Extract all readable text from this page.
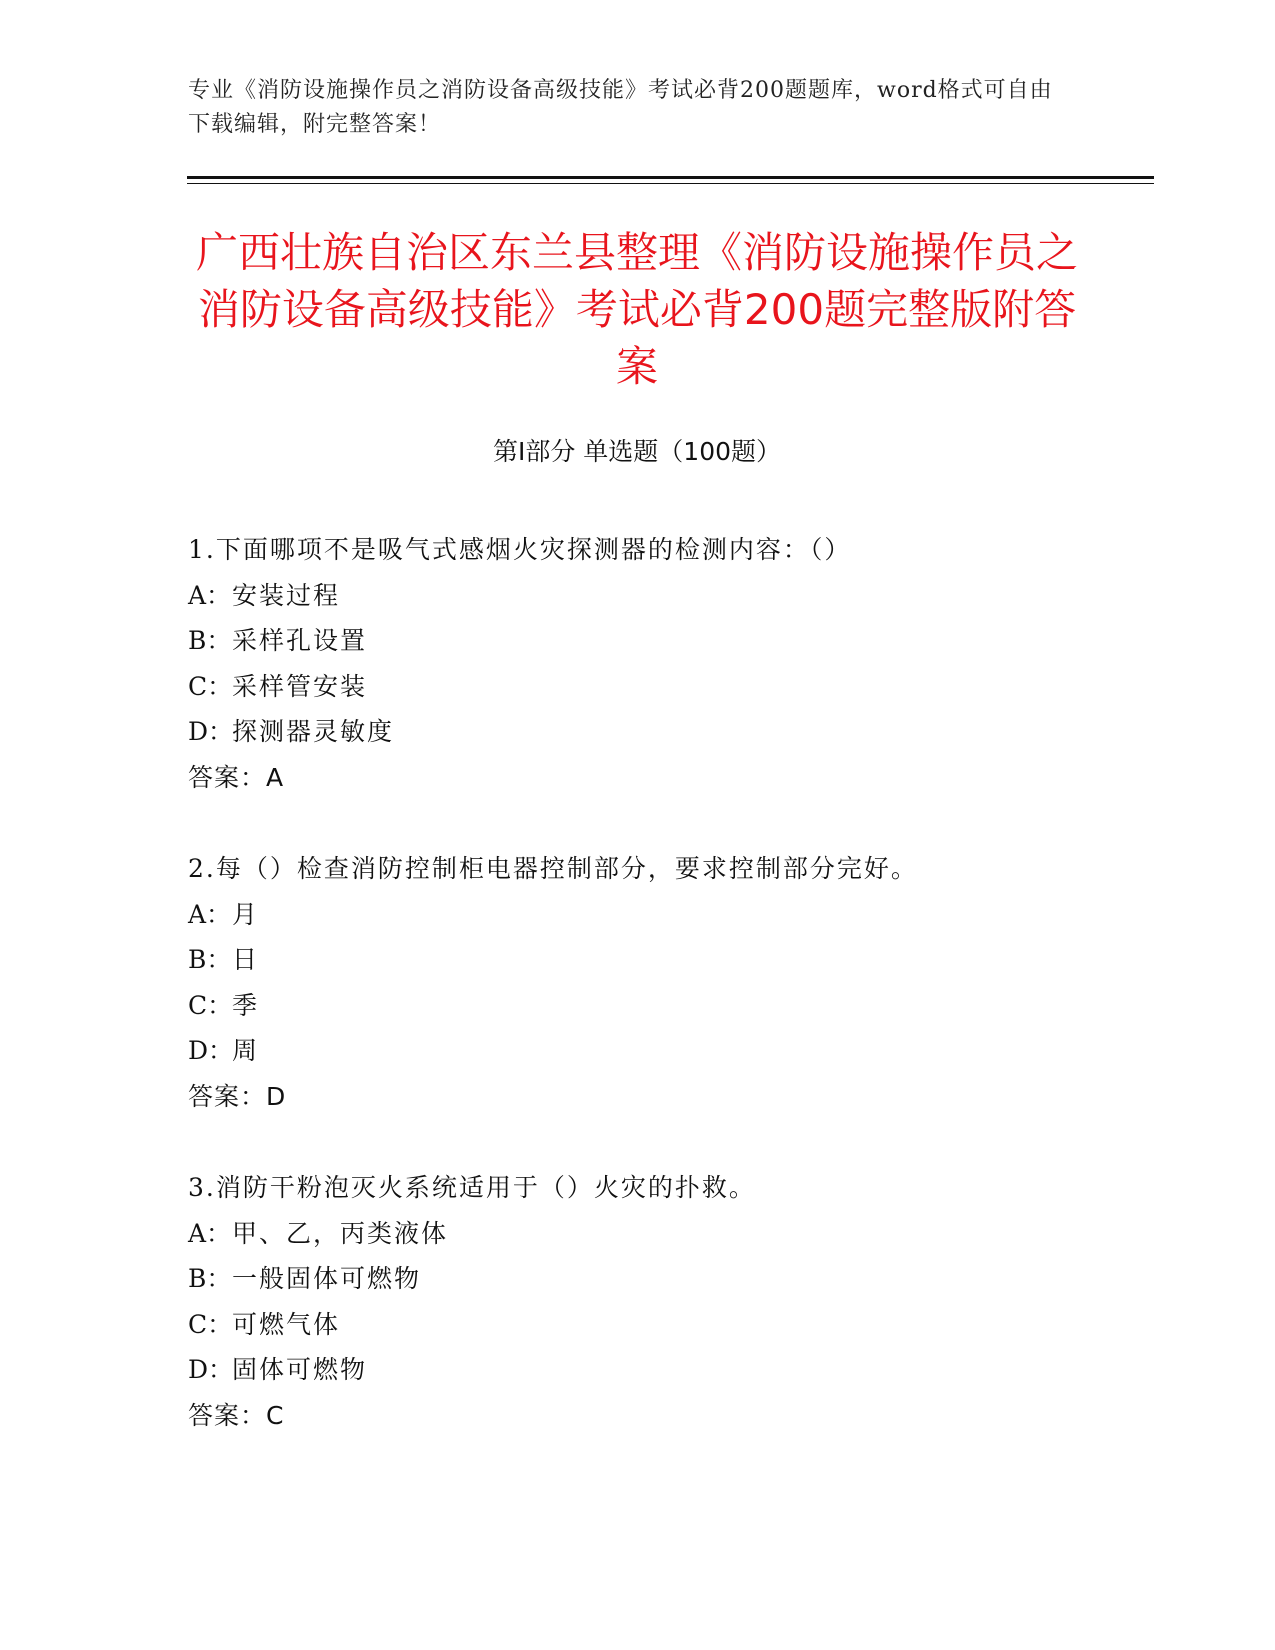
专业《消防设施操作员之消防设备高级技能》考试必背200题题库，word格式可自由下载编辑，附完整答案！
广西壮族自治区东兰县整理《消防设施操作员之消防设备高级技能》考试必背200题完整版附答案
第Ⅰ部分 单选题（100题）
1.下面哪项不是吸气式感烟火灾探测器的检测内容：（）
A：安装过程
B：采样孔设置
C：采样管安装
D：探测器灵敏度
答案：A
2.每（）检查消防控制柜电器控制部分，要求控制部分完好。
A：月
B：日
C：季
D：周
答案：D
3.消防干粉泡灭火系统适用于（）火灾的扑救。
A：甲、乙，丙类液体
B：一般固体可燃物
C：可燃气体
D：固体可燃物
答案：C
